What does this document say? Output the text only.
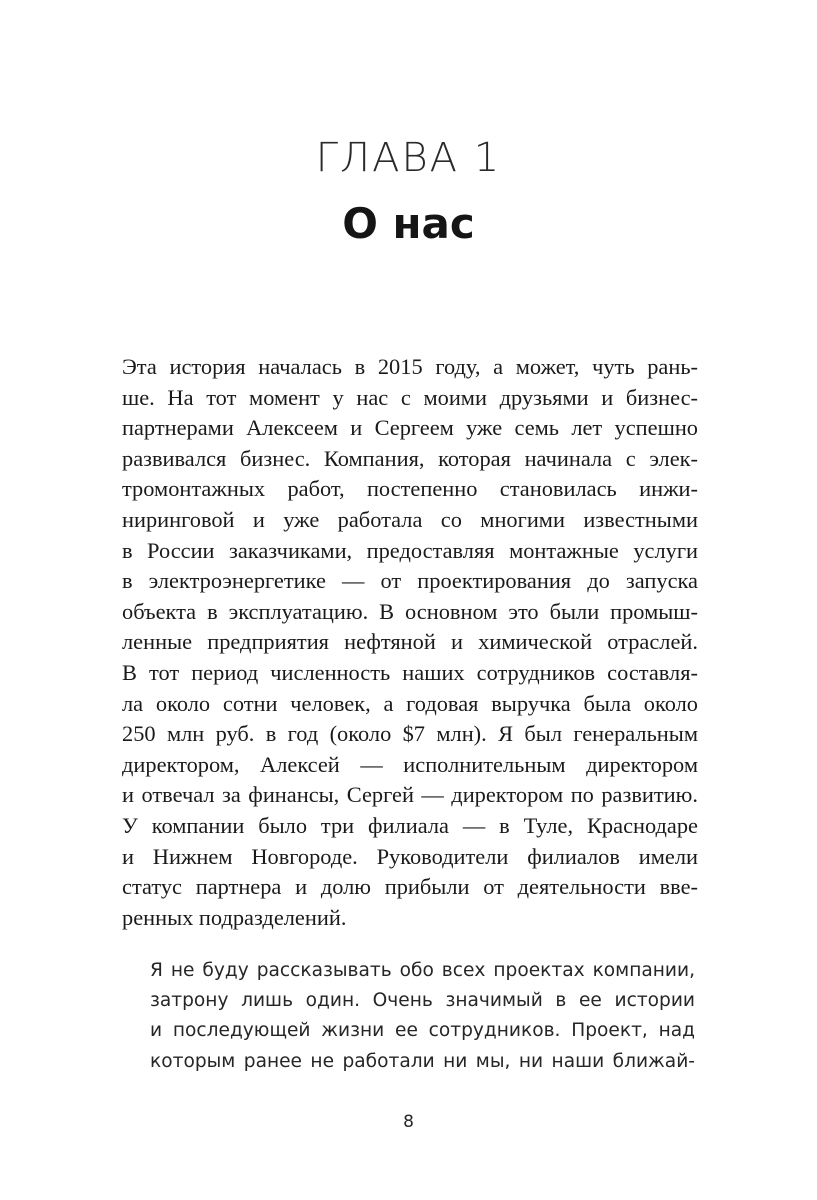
ГЛАВА 1
О нас
Эта история началась в 2015 году, а может, чуть рань-
ше. На тот момент у нас с моими друзьями и бизнес-
партнерами Алексеем и Сергеем уже семь лет успешно
развивался бизнес. Компания, которая начинала с элек-
тромонтажных работ, постепенно становилась инжи-
ниринговой и уже работала со многими известными
в России заказчиками, предоставляя монтажные услуги
в электроэнергетике — от проектирования до запуска
объекта в эксплуатацию. В основном это были промыш-
ленные предприятия нефтяной и химической отраслей.
В тот период численность наших сотрудников составля-
ла около сотни человек, а годовая выручка была около
250 млн руб. в год (около $7 млн). Я был генеральным
директором, Алексей — исполнительным директором
и отвечал за финансы, Сергей — директором по развитию.
У компании было три филиала — в Туле, Краснодаре
и Нижнем Новгороде. Руководители филиалов имели
статус партнера и долю прибыли от деятельности вве-
ренных подразделений.
Я не буду рассказывать обо всех проектах компании,
затрону лишь один. Очень значимый в ее истории
и последующей жизни ее сотрудников. Проект, над
которым ранее не работали ни мы, ни наши ближай-
8
